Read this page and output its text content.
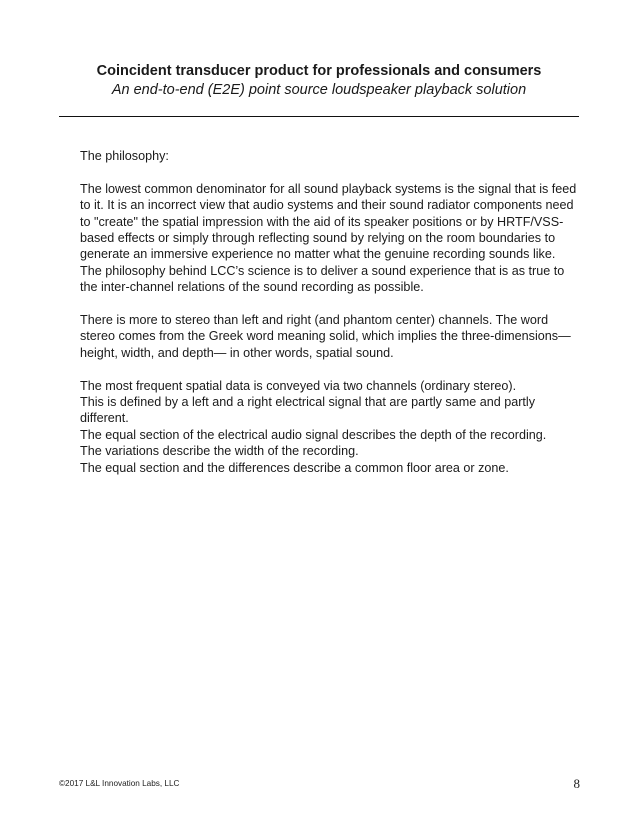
Coincident transducer product for professionals and consumers

An end-to-end (E2E) point source loudspeaker playback solution

The philosophy:

The lowest common denominator for all sound playback systems is the signal that is feed to it. It is an incorrect view that audio systems and their sound radiator components need to "create" the spatial impression with the aid of its speaker positions or by HRTF/VSS-based effects or simply through reflecting sound by relying on the room boundaries to generate an immersive experience no matter what the genuine recording sounds like. The philosophy behind LCC’s science is to deliver a sound experience that is as true to the inter-channel relations of the sound recording as possible.

There is more to stereo than left and right (and phantom center) channels. The word stereo comes from the Greek word meaning solid, which implies the three-dimensions—height, width, and depth— in other words, spatial sound.

The most frequent spatial data is conveyed via two channels (ordinary stereo).

This is defined by a left and a right electrical signal that are partly same and partly different.

The equal section of the electrical audio signal describes the depth of the recording.

The variations describe the width of the recording.

The equal section and the differences describe a common floor area or zone.

©2017 L&L Innovation Labs, LLC	8
